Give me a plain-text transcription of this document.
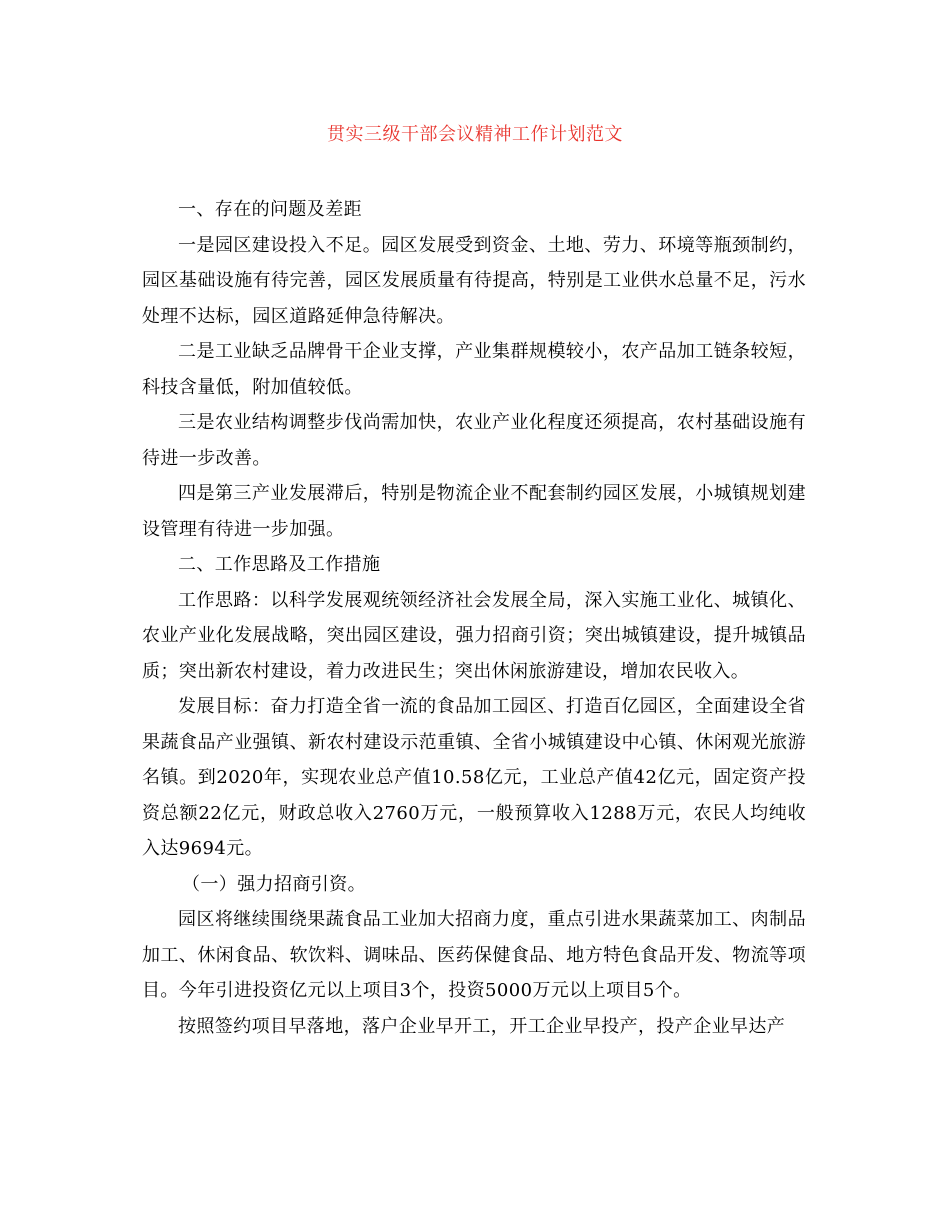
贯实三级干部会议精神工作计划范文

一、存在的问题及差距

一是园区建设投入不足。园区发展受到资金、土地、劳力、环境等瓶颈制约，园区基础设施有待完善，园区发展质量有待提高，特别是工业供水总量不足，污水处理不达标，园区道路延伸急待解决。

二是工业缺乏品牌骨干企业支撑，产业集群规模较小，农产品加工链条较短，科技含量低，附加值较低。

三是农业结构调整步伐尚需加快，农业产业化程度还须提高，农村基础设施有待进一步改善。

四是第三产业发展滞后，特别是物流企业不配套制约园区发展，小城镇规划建设管理有待进一步加强。

二、工作思路及工作措施

工作思路：以科学发展观统领经济社会发展全局，深入实施工业化、城镇化、农业产业化发展战略，突出园区建设，强力招商引资；突出城镇建设，提升城镇品质；突出新农村建设，着力改进民生；突出休闲旅游建设，增加农民收入。

发展目标：奋力打造全省一流的食品加工园区、打造百亿园区，全面建设全省果蔬食品产业强镇、新农村建设示范重镇、全省小城镇建设中心镇、休闲观光旅游名镇。到2020年，实现农业总产值10.58亿元，工业总产值42亿元，固定资产投资总额22亿元，财政总收入2760万元，一般预算收入1288万元，农民人均纯收入达9694元。

（一）强力招商引资。

园区将继续围绕果蔬食品工业加大招商力度，重点引进水果蔬菜加工、肉制品加工、休闲食品、软饮料、调味品、医药保健食品、地方特色食品开发、物流等项目。今年引进投资亿元以上项目3个，投资5000万元以上项目5个。

按照签约项目早落地，落户企业早开工，开工企业早投产，投产企业早达产
